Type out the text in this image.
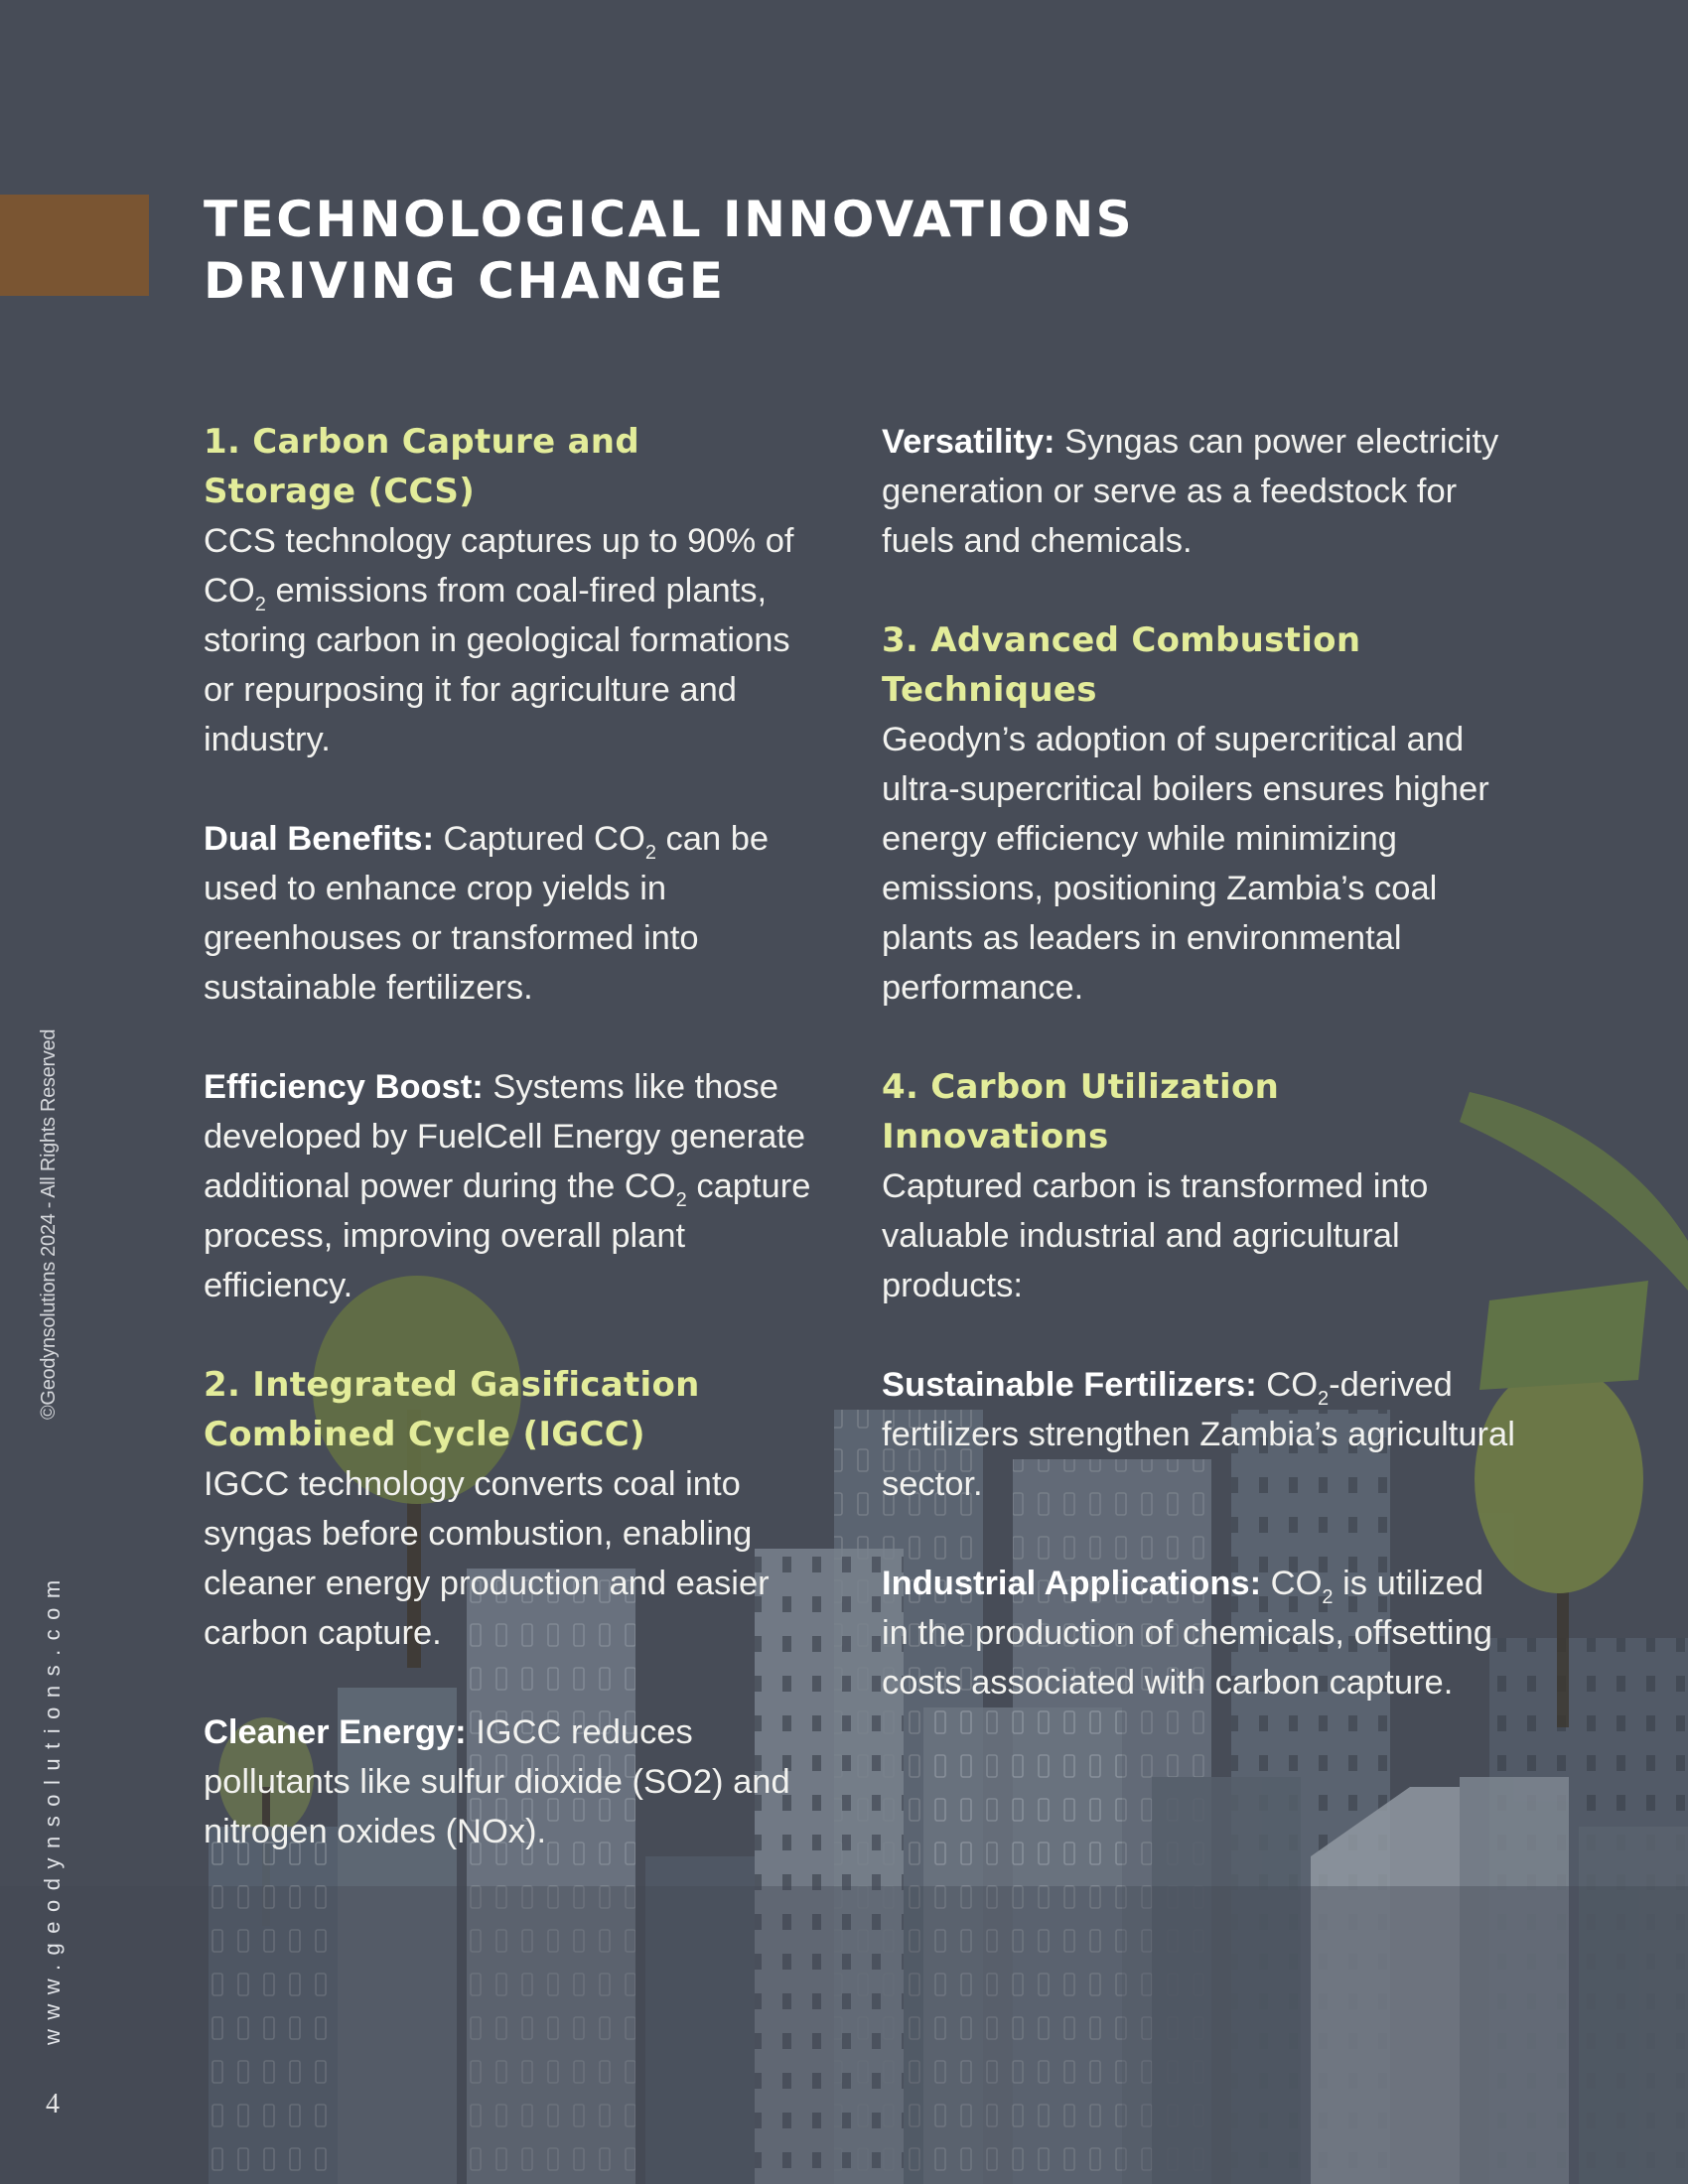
TECHNOLOGICAL INNOVATIONS
DRIVING CHANGE
1. Carbon Capture and
Storage (CCS)

CCS technology captures up to 90% of $CO_2$ emissions from coal-fired plants, storing carbon in geological formations or repurposing it for agriculture and industry.

Dual Benefits: Captured $CO_2$ can be used to enhance crop yields in greenhouses or transformed into sustainable fertilizers.

Efficiency Boost: Systems like those developed by FuelCell Energy generate additional power during the $CO_2$ capture process, improving overall plant efficiency.

2. Integrated Gasification
Combined Cycle (IGCC)

IGCC technology converts coal into syngas before combustion, enabling cleaner energy production and easier carbon capture.

Cleaner Energy: IGCC reduces pollutants like sulfur dioxide (SO2) and nitrogen oxides (NOx).

Versatility: Syngas can power electricity generation or serve as a feedstock for fuels and chemicals.

3. Advanced Combustion
Techniques

Geodyn’s adoption of supercritical and ultra-supercritical boilers ensures higher energy efficiency while minimizing emissions, positioning Zambia’s coal plants as leaders in environmental performance.

4. Carbon Utilization
Innovations

Captured carbon is transformed into valuable industrial and agricultural products:

Sustainable Fertilizers: $CO_2$-derived fertilizers strengthen Zambia’s agricultural sector.

Industrial Applications: $CO_2$ is utilized in the production of chemicals, offsetting costs associated with carbon capture.

©Geodynsolutions 2024 - All Rights Reserved
www.geodynsolutions.com
4
